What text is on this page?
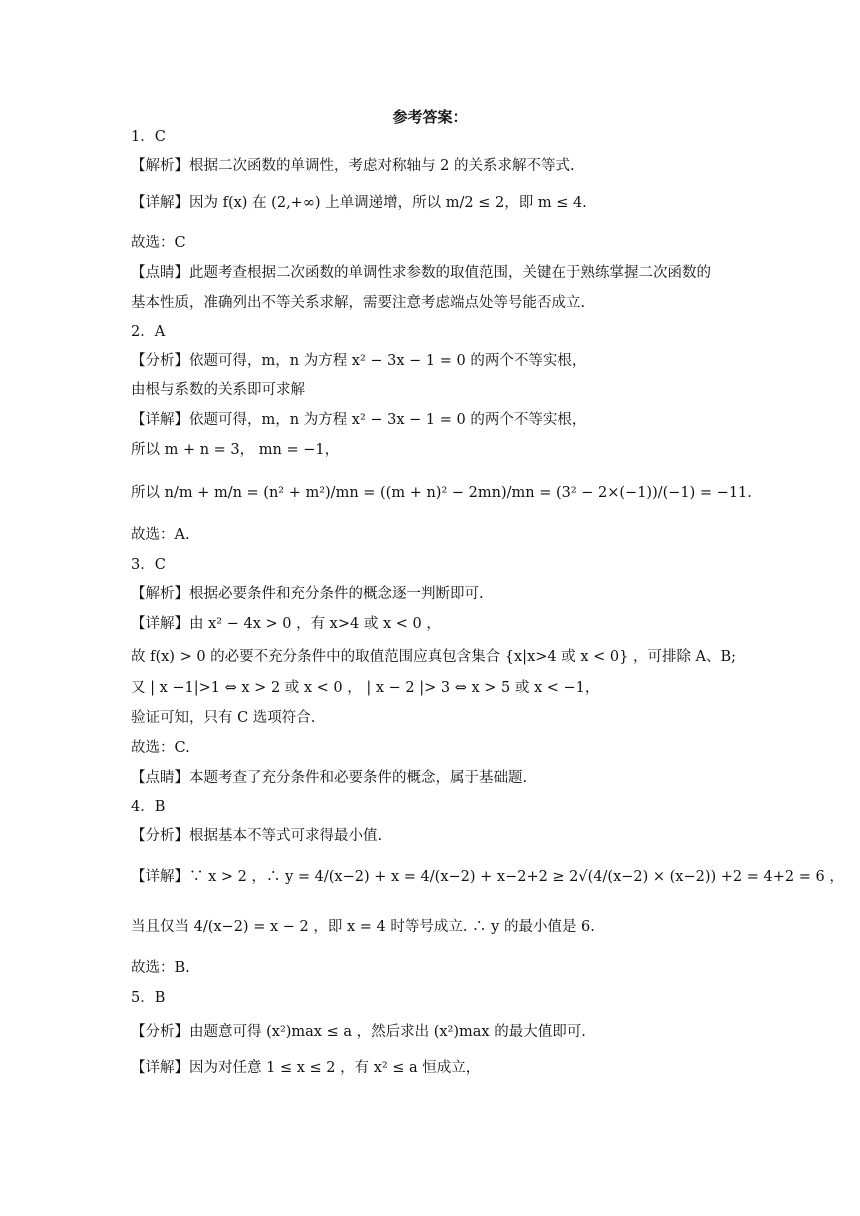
参考答案：
1．C
【解析】根据二次函数的单调性，考虑对称轴与 2 的关系求解不等式.
【详解】因为 f(x) 在 (2,+∞) 上单调递增，所以 m/2 ≤ 2，即 m ≤ 4.
故选：C
【点睛】此题考查根据二次函数的单调性求参数的取值范围，关键在于熟练掌握二次函数的
基本性质，准确列出不等关系求解，需要注意考虑端点处等号能否成立.
2．A
【分析】依题可得，m，n 为方程 x² − 3x − 1 = 0 的两个不等实根，
由根与系数的关系即可求解
【详解】依题可得，m，n 为方程 x² − 3x − 1 = 0 的两个不等实根，
所以 m + n = 3， mn = −1，
所以 n/m + m/n = (n² + m²)/mn = ((m + n)² − 2mn)/mn = (3² − 2×(−1))/(−1) = −11.
故选：A.
3．C
【解析】根据必要条件和充分条件的概念逐一判断即可.
【详解】由 x² − 4x > 0 ，有 x>4 或 x < 0 ，
故 f(x) > 0 的必要不充分条件中的取值范围应真包含集合 {x|x>4 或 x < 0} ，可排除 A、B;
又 | x −1|>1 ⇔ x > 2 或 x < 0 ， | x − 2 |> 3 ⇔ x > 5 或 x < −1，
验证可知，只有 C 选项符合.
故选：C.
【点睛】本题考查了充分条件和必要条件的概念，属于基础题.
4．B
【分析】根据基本不等式可求得最小值.
【详解】∵ x > 2 ，∴ y = 4/(x−2) + x = 4/(x−2) + x−2+2 ≥ 2√(4/(x−2) × (x−2)) +2 = 4+2 = 6 ，
当且仅当 4/(x−2) = x − 2 ，即 x = 4 时等号成立. ∴ y 的最小值是 6.
故选：B.
5．B
【分析】由题意可得 (x²)max ≤ a ，然后求出 (x²)max 的最大值即可.
【详解】因为对任意 1 ≤ x ≤ 2 ，有 x² ≤ a 恒成立，
